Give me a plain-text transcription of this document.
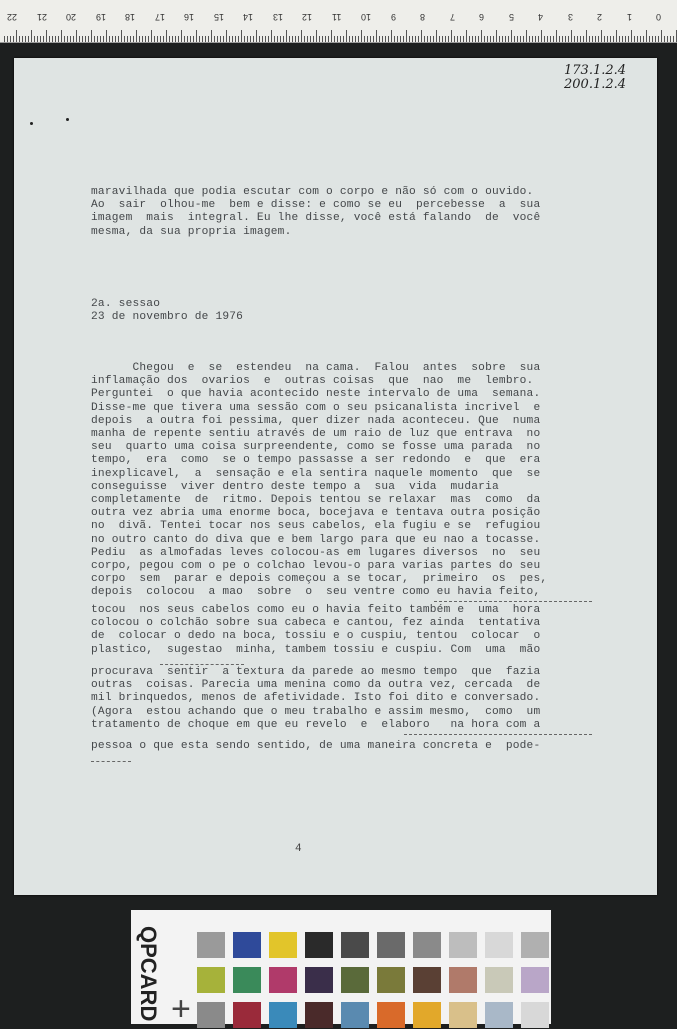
0
1
2
3
4
5
6
7
8
9
10
11
12
13
14
15
16
17
18
19
20
21
22
173.1.2.4
200.1.2.4
maravilhada que podia escutar com o corpo e não só com o ouvido.
Ao  sair  olhou-me  bem e disse: e como se eu  percebesse  a  sua
imagem  mais  integral. Eu lhe disse, você está falando  de  você
mesma, da sua propria imagem.
2a. sessao
23 de novembro de 1976
Chegou  e  se  estendeu  na cama.  Falou  antes  sobre  sua
inflamação dos  ovarios  e  outras coisas  que  nao  me  lembro.
Perguntei  o que havia acontecido neste intervalo de uma  semana.
Disse-me que tivera uma sessão com o seu psicanalista incrivel  e
depois  a outra foi pessima, quer dizer nada aconteceu. Que  numa
manha de repente sentiu através de um raio de luz que entrava  no
seu  quarto uma coisa surpreendente, como se fosse uma parada  no
tempo,  era  como  se o tempo passasse a ser redondo  e  que  era
inexplicavel,  a  sensação e ela sentira naquele momento  que  se
conseguisse  viver dentro deste tempo a  sua  vida  mudaria
completamente  de  ritmo. Depois tentou se relaxar  mas  como  da
outra vez abria uma enorme boca, bocejava e tentava outra posição
no  divã. Tentei tocar nos seus cabelos, ela fugiu e se  refugiou
no outro canto do diva que e bem largo para que eu nao a tocasse.
Pediu  as almofadas leves colocou-as em lugares diversos  no  seu
corpo, pegou com o pe o colchao levou-o para varias partes do seu
corpo  sem  parar e depois começou a se tocar,  primeiro  os  pes,
depois  colocou  a mao  sobre  o  seu ventre como eu havia feito,
tocou  nos seus cabelos como eu o havia feito também e  uma  hora
colocou o colchão sobre sua cabeca e cantou, fez ainda  tentativa
de  colocar o dedo na boca, tossiu e o cuspiu, tentou  colocar  o
plastico,  sugestao  minha, tambem tossiu e cuspiu. Com  uma  mão
procurava  sentir  a textura da parede ao mesmo tempo  que  fazia
outras  coisas. Parecia uma menina como da outra vez, cercada  de
mil brinquedos, menos de afetividade. Isto foi dito e conversado.
(Agora  estou achando que o meu trabalho e assim mesmo,  como  um
tratamento de choque em que eu revelo  e  elaboro   na hora com a
pessoa o que esta sendo sentido, de uma maneira concreta e  pode-
4
QPCARD +
